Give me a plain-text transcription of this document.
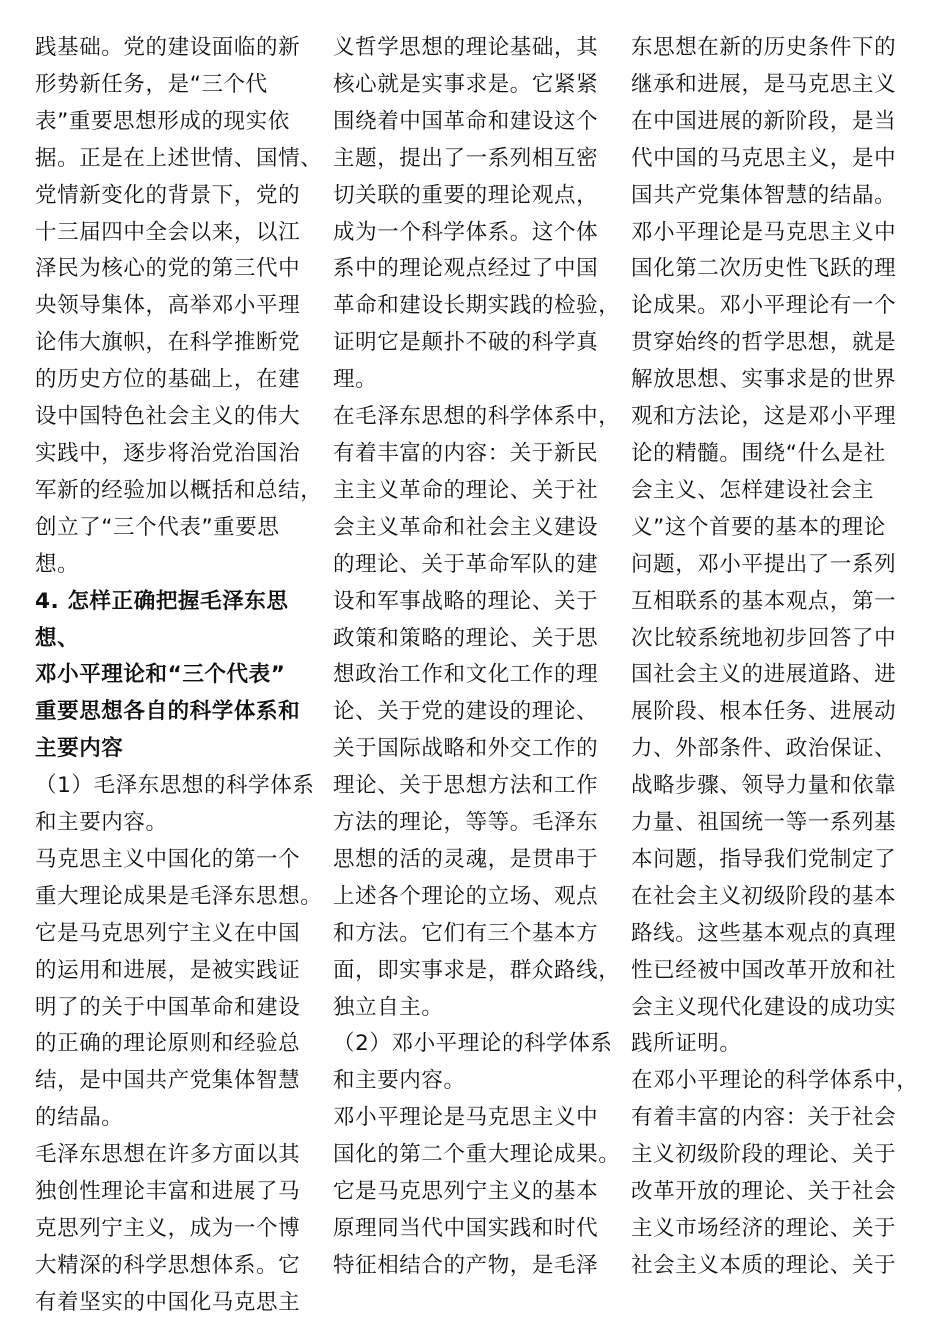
践基础。党的建设面临的新
形势新任务，是“三个代
表”重要思想形成的现实依
据。正是在上述世情、国情、
党情新变化的背景下，党的
十三届四中全会以来，以江
泽民为核心的党的第三代中
央领导集体，高举邓小平理
论伟大旗帜，在科学推断党
的历史方位的基础上，在建
设中国特色社会主义的伟大
实践中，逐步将治党治国治
军新的经验加以概括和总结，
创立了“三个代表”重要思
想。

4. 怎样正确把握毛泽东思想、
邓小平理论和“三个代表”
重要思想各自的科学体系和
主要内容

（1）毛泽东思想的科学体系
和主要内容。

马克思主义中国化的第一个
重大理论成果是毛泽东思想。
它是马克思列宁主义在中国
的运用和进展，是被实践证
明了的关于中国革命和建设
的正确的理论原则和经验总
结，是中国共产党集体智慧
的结晶。

毛泽东思想在许多方面以其
独创性理论丰富和进展了马
克思列宁主义，成为一个博
大精深的科学思想体系。它
有着坚实的中国化马克思主

义哲学思想的理论基础，其
核心就是实事求是。它紧紧
围绕着中国革命和建设这个
主题，提出了一系列相互密
切关联的重要的理论观点，
成为一个科学体系。这个体
系中的理论观点经过了中国
革命和建设长期实践的检验，
证明它是颠扑不破的科学真
理。

在毛泽东思想的科学体系中，
有着丰富的内容：关于新民
主主义革命的理论、关于社
会主义革命和社会主义建设
的理论、关于革命军队的建
设和军事战略的理论、关于
政策和策略的理论、关于思
想政治工作和文化工作的理
论、关于党的建设的理论、
关于国际战略和外交工作的
理论、关于思想方法和工作
方法的理论，等等。毛泽东
思想的活的灵魂，是贯串于
上述各个理论的立场、观点
和方法。它们有三个基本方
面，即实事求是，群众路线，
独立自主。

（2）邓小平理论的科学体系
和主要内容。

邓小平理论是马克思主义中
国化的第二个重大理论成果。
它是马克思列宁主义的基本
原理同当代中国实践和时代
特征相结合的产物，是毛泽

东思想在新的历史条件下的
继承和进展，是马克思主义
在中国进展的新阶段，是当
代中国的马克思主义，是中
国共产党集体智慧的结晶。

邓小平理论是马克思主义中
国化第二次历史性飞跃的理
论成果。邓小平理论有一个
贯穿始终的哲学思想，就是
解放思想、实事求是的世界
观和方法论，这是邓小平理
论的精髓。围绕“什么是社
会主义、怎样建设社会主
义”这个首要的基本的理论
问题，邓小平提出了一系列
互相联系的基本观点，第一
次比较系统地初步回答了中
国社会主义的进展道路、进
展阶段、根本任务、进展动
力、外部条件、政治保证、
战略步骤、领导力量和依靠
力量、祖国统一等一系列基
本问题，指导我们党制定了
在社会主义初级阶段的基本
路线。这些基本观点的真理
性已经被中国改革开放和社
会主义现代化建设的成功实
践所证明。

在邓小平理论的科学体系中，
有着丰富的内容：关于社会
主义初级阶段的理论、关于
改革开放的理论、关于社会
主义市场经济的理论、关于
社会主义本质的理论、关于
